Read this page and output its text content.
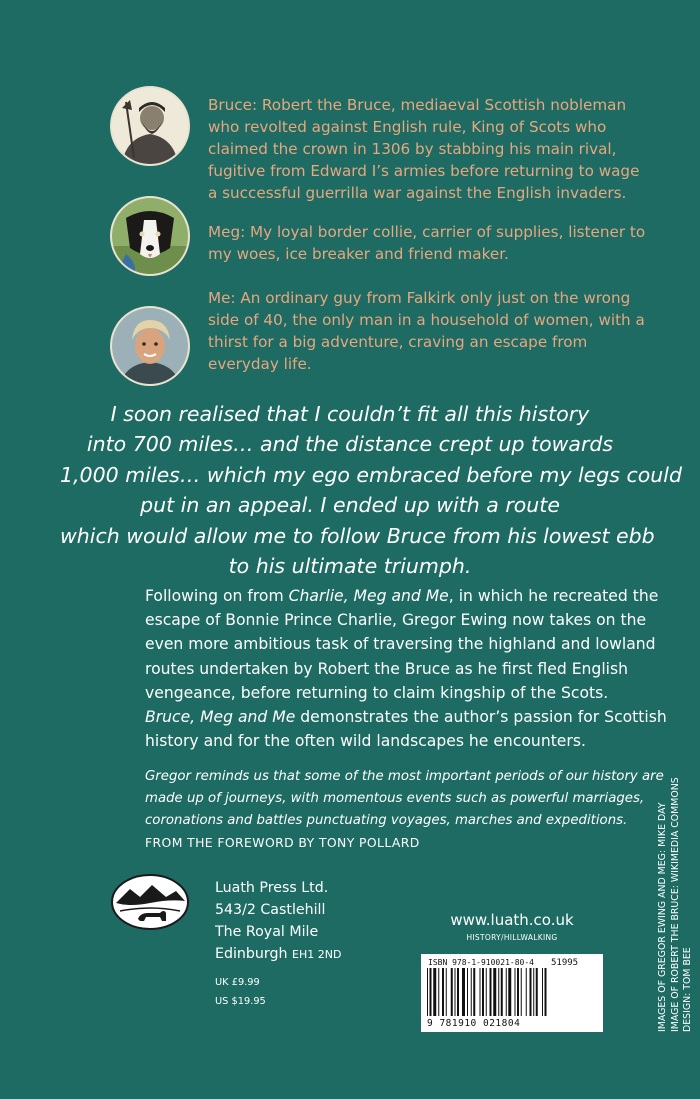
Bruce: Robert the Bruce, mediaeval Scottish nobleman who revolted against English rule, King of Scots who claimed the crown in 1306 by stabbing his main rival, fugitive from Edward I’s armies before returning to wage a successful guerrilla war against the English invaders.

Meg: My loyal border collie, carrier of supplies, listener to my woes, ice breaker and friend maker.

Me: An ordinary guy from Falkirk only just on the wrong side of 40, the only man in a household of women, with a thirst for a big adventure, craving an escape from everyday life.

I soon realised that I couldn’t fit all this history
into 700 miles… and the distance crept up towards
1,000 miles… which my ego embraced before my legs could
put in an appeal. I ended up with a route
which would allow me to follow Bruce from his lowest ebb
to his ultimate triumph.
Following on from Charlie, Meg and Me, in which he recreated the
escape of Bonnie Prince Charlie, Gregor Ewing now takes on the
even more ambitious task of traversing the highland and lowland
routes undertaken by Robert the Bruce as he first fled English
vengeance, before returning to claim kingship of the Scots.
Bruce, Meg and Me demonstrates the author’s passion for Scottish
history and for the often wild landscapes he encounters.
Gregor reminds us that some of the most important periods of our history are
made up of journeys, with momentous events such as powerful marriages,
coronations and battles punctuating voyages, marches and expeditions.
FROM THE FOREWORD BY TONY POLLARD
Luath Press Ltd.
543/2 Castlehill
The Royal Mile
Edinburgh EH1 2ND
UK £9.99
US $19.95
www.luath.co.uk
HISTORY/HILLWALKING
ISBN 978-1-910021-80-4 51995
9 781910 021804	IMAGES OF GREGOR EWING AND MEG: MIKE DAY IMAGE OF ROBERT THE BRUCE: WIKIMEDIA COMMONS DESIGN: TOM BEE
